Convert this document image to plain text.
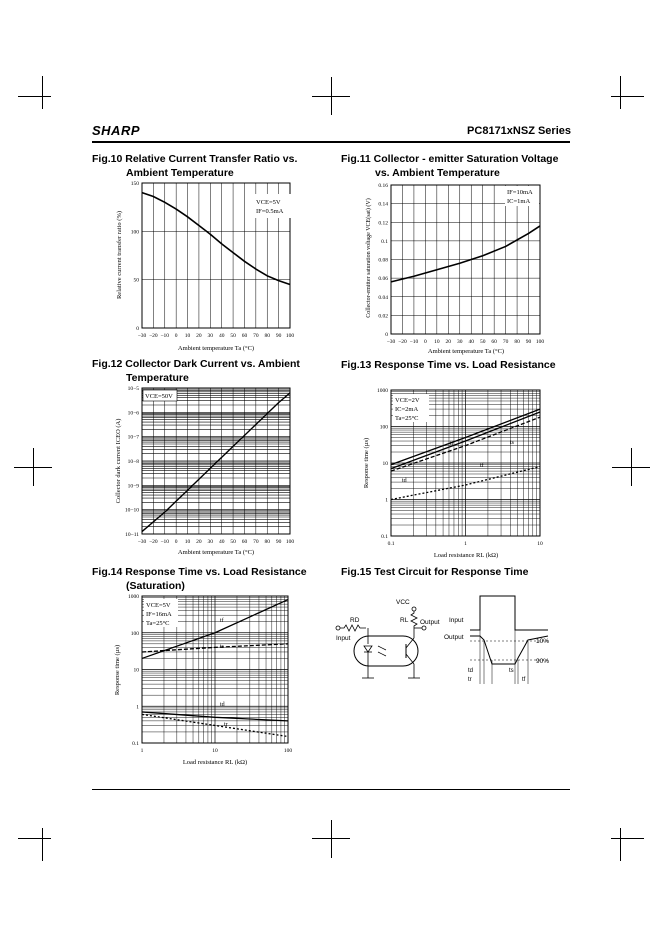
SHARP	PC8171xNSZ Series
Fig.10 Relative Current Transfer Ratio vs.
Ambient Temperature
Fig.11 Collector - emitter Saturation Voltage
vs. Ambient Temperature
Fig.12 Collector Dark Current vs. Ambient
Temperature
Fig.13 Response Time vs. Load Resistance
Fig.14 Response Time vs. Load Resistance
(Saturation)
Fig.15 Test Circuit for Response Time
−30 −20 −10 0 10 20 30 40 50 60 70 80 90 100
0
50
100
150
VCE=5V
IF=0.5mA
Ambient temperature Ta (°C)
Relative current transfer ratio (%)
−30 −20 −10 0 10 20 30 40 50 60 70 80 90 100
0
0.02
0.04
0.06
0.08
0.1
0.12
0.14
0.16
IF=10mA
IC=1mA
Ambient temperature Ta (°C)
Collector-emitter saturation voltage VCE(sat) (V)
−30 −20 −10 0 10 20 30 40 50 60 70 80 90 100
10−11
10−10
10−9
10−8
10−7
10−6
10−5
VCE=50V
Ambient temperature Ta (°C)
Collector dark current ICEO (A)
0.1	1	10
0.1
1
10
100
1000
VCE=2V
IC=2mA
Ta=25°C
td
tr
tf
ts
Load resistance RL (kΩ)
Response time (µs)
1	10	100
0.1
1
10
100
1000
VCE=5V
IF=16mA
Ta=25°C	tf
ts
td
tr
Load resistance RL (kΩ)
Response time (µs)
VCC
RL Output
RD
Input
Input
Output
10%
90%
td
tr
ts
tf
